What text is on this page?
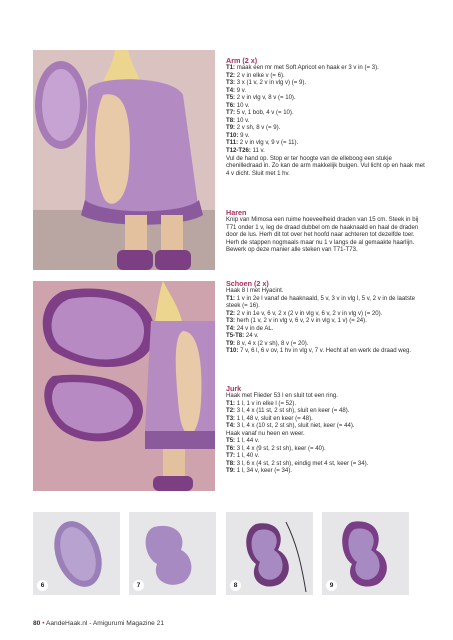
Arm (2 x)

T1: maak een mr met Soft Apricot en haak er 3 v in (= 3).

T2: 2 v in elke v (= 6).

T3: 3 x (1 v, 2 v in vlg v) (= 9).

T4: 9 v.

T5: 2 v in vlg v, 8 v (= 10).

T6: 10 v.

T7: 5 v, 1 bob, 4 v (= 10).

T8: 10 v.

T9: 2 v sh, 8 v (= 9).

T10: 9 v.

T11: 2 v in vlg v, 9 v (= 11).

T12-T26: 11 v.

Vul de hand op. Stop er ter hoogte van de elleboog een stukje chenilledraad in. Zo kan de arm makkelijk buigen. Vul licht op en haak met 4 v dicht. Sluit met 1 hv.

Haren

Knip van Mimosa een ruime hoeveelheid draden van 15 cm. Steek in bij T71 onder 1 v, leg de draad dubbel om de haaknaald en haal de draden door de lus. Herh dit tot over het hoofd naar achteren tot dezelfde toer. Herh de stappen nogmaals maar nu 1 v langs de al gemaakte haarlijn. Bewerk op deze manier alle steken van T71-T73.

Schoen (2 x)

Haak 8 l met Hyacint.

T1: 1 v in 2e l vanaf de haaknaald, 5 v, 3 v in vlg l, 5 v, 2 v in de laatste steek (= 16).

T2: 2 v in 1e v, 6 v, 2 x (2 v in vlg v, 6 v, 2 v in vlg v) (= 20).

T3: herh (1 v, 2 v in vlg v, 6 v, 2 v in vlg v, 1 v) (= 24).

T4: 24 v in de AL.

T5-T8: 24 v.

T9: 8 v, 4 x (2 v sh), 8 v (= 20).

T10: 7 v, 6 l, 6 v ov, 1 hv in vlg v, 7 v. Hecht af en werk de draad weg.

Jurk

Haak met Flieder 53 l en sluit tot een ring.

T1: 1 l, 1 v in elke l (= 52).

T2: 3 l, 4 x (11 st, 2 st sh), sluit en keer (= 48).

T3: 1 l, 48 v, sluit en keer (= 48).

T4: 3 l, 4 x (10 st, 2 st sh), sluit niet, keer (= 44).

Haak vanaf nu heen en weer.

T5: 1 l, 44 v.

T6: 3 l, 4 x (9 st, 2 st sh), keer (= 40).

T7: 1 l, 40 v.

T8: 3 l, 6 x (4 st, 2 st sh), eindig met 4 st, keer (= 34).

T9: 1 l, 34 v, keer (= 34).

6	7	8	9
80 • AandeHaak.nl - Amigurumi Magazine 21
